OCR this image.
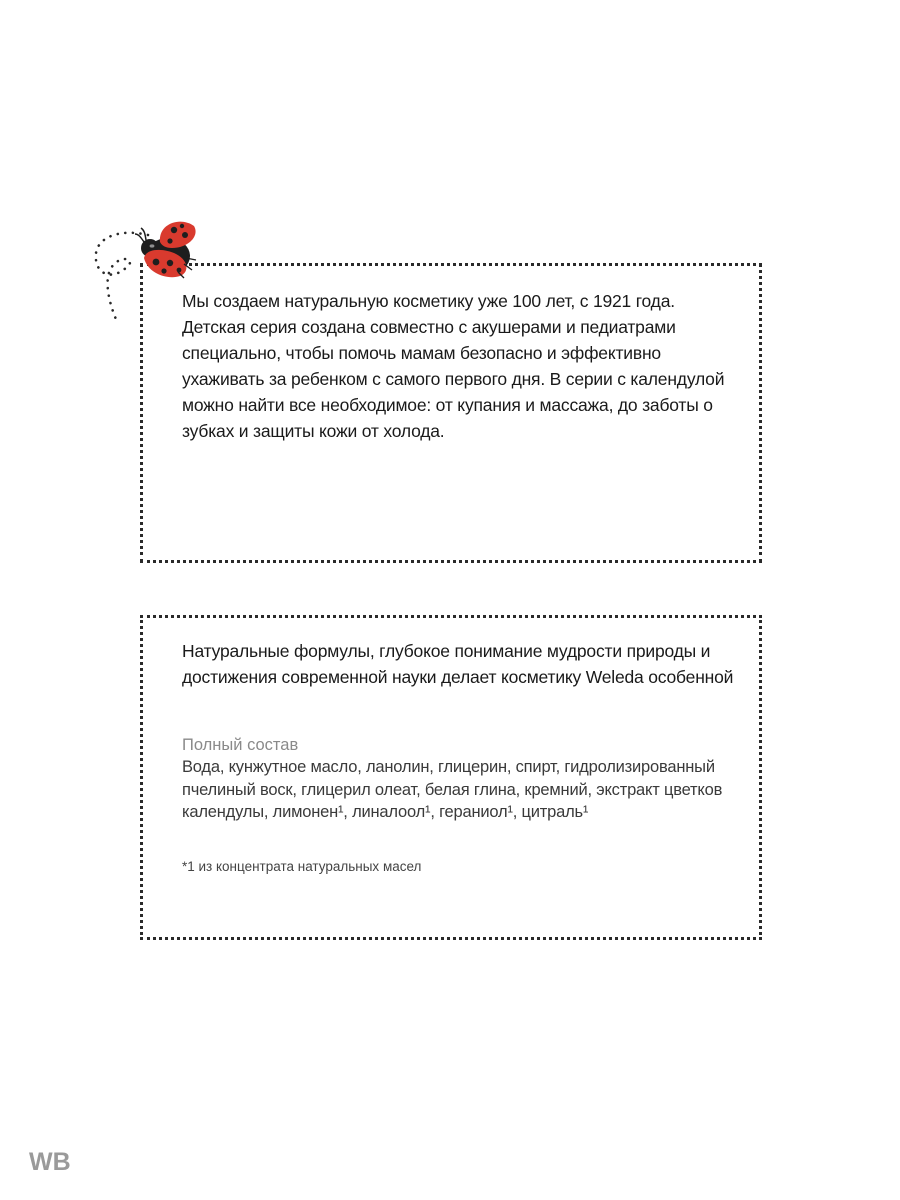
Мы создаем натуральную косметику уже 100 лет, с 1921 года. Детская серия создана совместно с акушерами и педиатрами специально, чтобы помочь мамам безопасно и эффективно ухаживать за ребенком с самого первого дня. В серии с календулой можно найти все необходимое: от купания и массажа, до заботы о зубках и защиты кожи от холода.
Натуральные формулы, глубокое понимание мудрости природы и достижения современной науки делает косметику Weleda особенной
Полный состав
Вода, кунжутное масло, ланолин, глицерин, спирт, гидролизированный пчелиный воск, глицерил олеат, белая глина, кремний, экстракт цветков календулы, лимонен¹, линалоол¹, гераниол¹, цитраль¹
*1 из концентрата натуральных масел
WB
